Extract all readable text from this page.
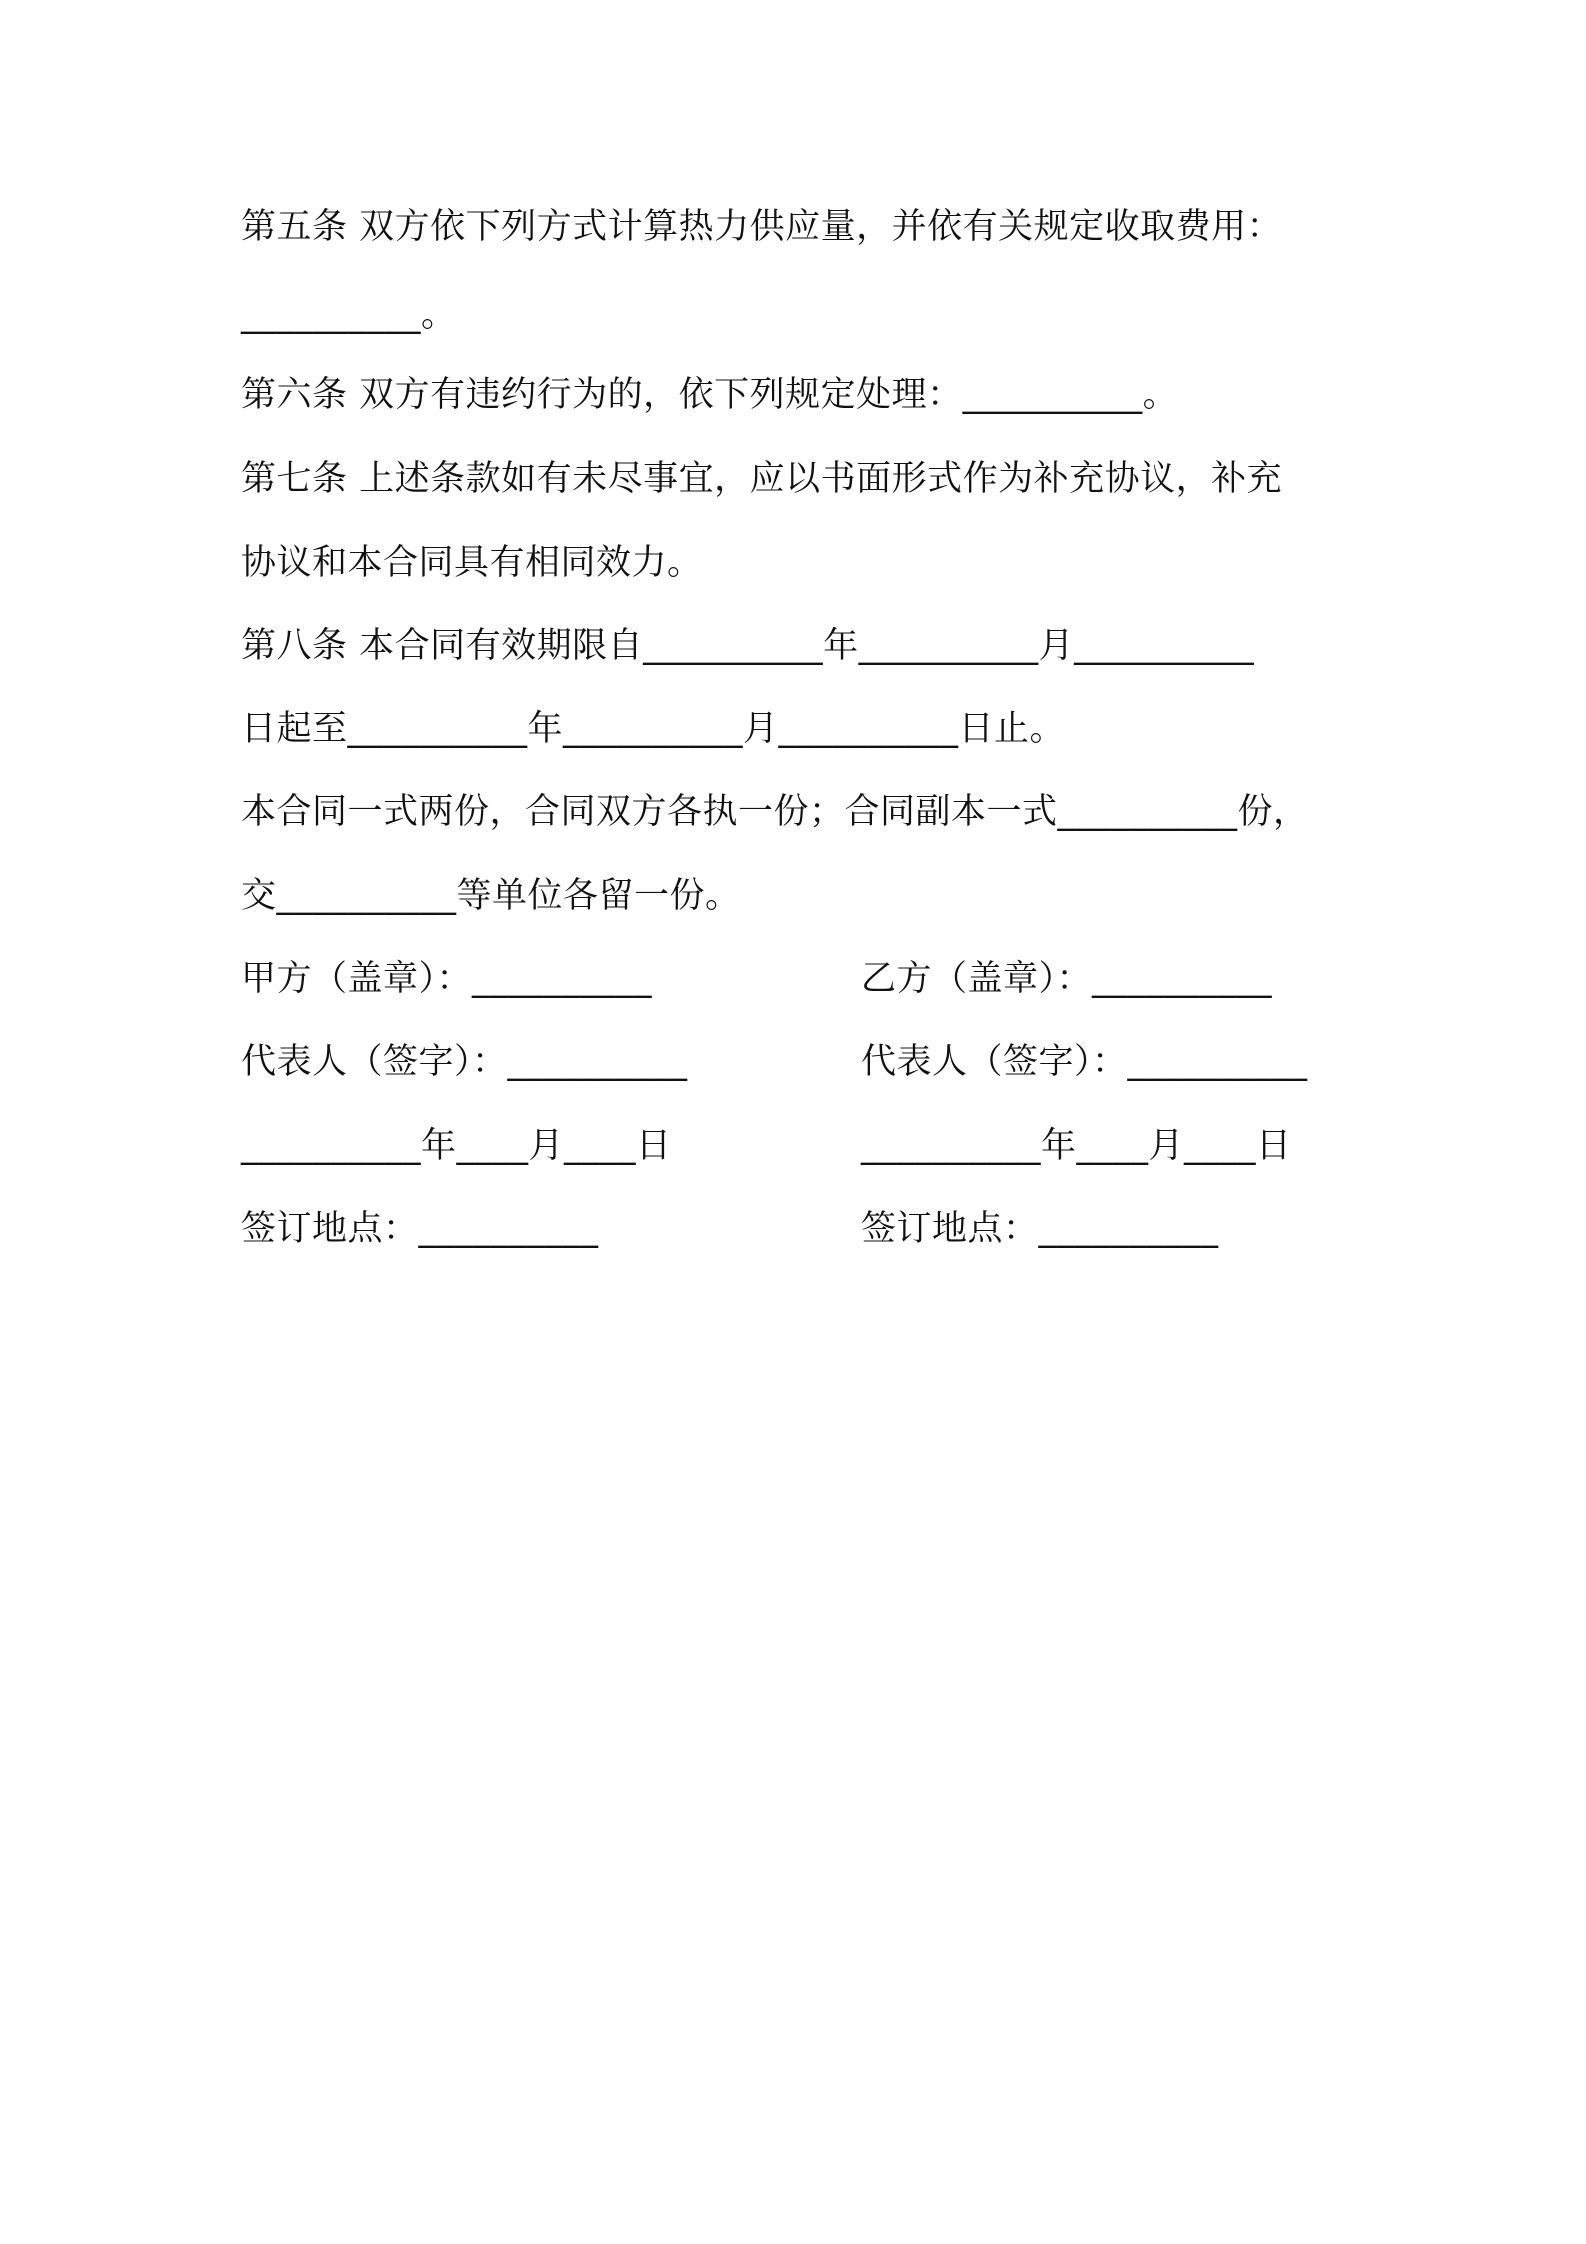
第五条 双方依下列方式计算热力供应量，并依有关规定收取费用：
__________。
第六条 双方有违约行为的，依下列规定处理：__________。
第七条 上述条款如有未尽事宜，应以书面形式作为补充协议，补充
协议和本合同具有相同效力。
第八条 本合同有效期限自__________年__________月__________
日起至__________年__________月__________日止。
本合同一式两份，合同双方各执一份；合同副本一式__________份，
交__________等单位各留一份。
甲方（盖章）：__________	乙方（盖章）：__________
代表人（签字）：__________	代表人（签字）：__________
__________年____月____日	__________年____月____日
签订地点：__________	签订地点：__________
